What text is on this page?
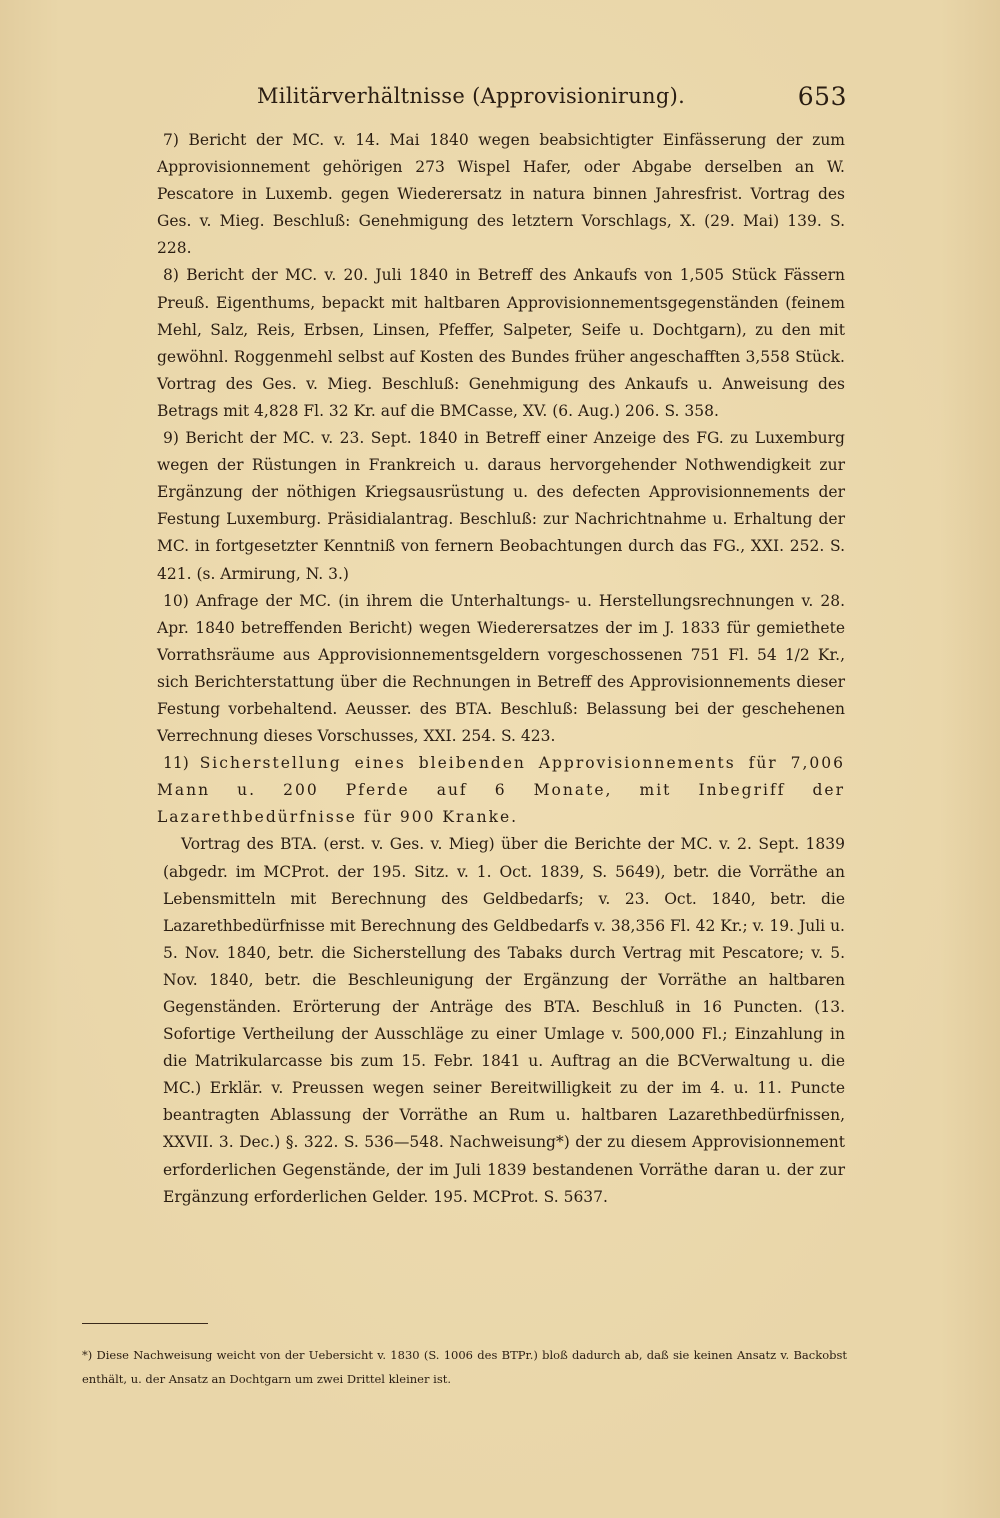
Militärverhältnisse (Approvisionirung).	653

7) Bericht der MC. v. 14. Mai 1840 wegen beabsichtigter Einfässerung der zum Approvisionnement gehörigen 273 Wispel Hafer, oder Abgabe derselben an W. Pescatore in Luxemb. gegen Wiederersatz in natura binnen Jahresfrist. Vortrag des Ges. v. Mieg. Beschluß: Genehmigung des letztern Vorschlags, X. (29. Mai) 139. S. 228.

8) Bericht der MC. v. 20. Juli 1840 in Betreff des Ankaufs von 1,505 Stück Fässern Preuß. Eigenthums, bepackt mit haltbaren Approvisionnementsgegenständen (feinem Mehl, Salz, Reis, Erbsen, Linsen, Pfeffer, Salpeter, Seife u. Dochtgarn), zu den mit gewöhnl. Roggenmehl selbst auf Kosten des Bundes früher angeschafften 3,558 Stück. Vortrag des Ges. v. Mieg. Beschluß: Genehmigung des Ankaufs u. Anweisung des Betrags mit 4,828 Fl. 32 Kr. auf die BMCasse, XV. (6. Aug.) 206. S. 358.

9) Bericht der MC. v. 23. Sept. 1840 in Betreff einer Anzeige des FG. zu Luxemburg wegen der Rüstungen in Frankreich u. daraus hervorgehender Nothwendigkeit zur Ergänzung der nöthigen Kriegsausrüstung u. des defecten Approvisionnements der Festung Luxemburg. Präsidialantrag. Beschluß: zur Nachrichtnahme u. Erhaltung der MC. in fortgesetzter Kenntniß von fernern Beobachtungen durch das FG., XXI. 252. S. 421. (s. Armirung, N. 3.)

10) Anfrage der MC. (in ihrem die Unterhaltungs- u. Herstellungsrechnungen v. 28. Apr. 1840 betreffenden Bericht) wegen Wiederersatzes der im J. 1833 für gemiethete Vorrathsräume aus Approvisionnementsgeldern vorgeschossenen 751 Fl. 54 1/2 Kr., sich Berichterstattung über die Rechnungen in Betreff des Approvisionnements dieser Festung vorbehaltend. Aeusser. des BTA. Beschluß: Belassung bei der geschehenen Verrechnung dieses Vorschusses, XXI. 254. S. 423.

11) Sicherstellung eines bleibenden Approvisionnements für 7,006 Mann u. 200 Pferde auf 6 Monate, mit Inbegriff der Lazarethbedürfnisse für 900 Kranke.

Vortrag des BTA. (erst. v. Ges. v. Mieg) über die Berichte der MC. v. 2. Sept. 1839 (abgedr. im MCProt. der 195. Sitz. v. 1. Oct. 1839, S. 5649), betr. die Vorräthe an Lebensmitteln mit Berechnung des Geldbedarfs; v. 23. Oct. 1840, betr. die Lazarethbedürfnisse mit Berechnung des Geldbedarfs v. 38,356 Fl. 42 Kr.; v. 19. Juli u. 5. Nov. 1840, betr. die Sicherstellung des Tabaks durch Vertrag mit Pescatore; v. 5. Nov. 1840, betr. die Beschleunigung der Ergänzung der Vorräthe an haltbaren Gegenständen. Erörterung der Anträge des BTA. Beschluß in 16 Puncten. (13. Sofortige Vertheilung der Ausschläge zu einer Umlage v. 500,000 Fl.; Einzahlung in die Matrikularcasse bis zum 15. Febr. 1841 u. Auftrag an die BCVerwaltung u. die MC.) Erklär. v. Preussen wegen seiner Bereitwilligkeit zu der im 4. u. 11. Puncte beantragten Ablassung der Vorräthe an Rum u. haltbaren Lazarethbedürfnissen, XXVII. 3. Dec.) §. 322. S. 536—548. Nachweisung*) der zu diesem Approvisionnement erforderlichen Gegenstände, der im Juli 1839 bestandenen Vorräthe daran u. der zur Ergänzung erforderlichen Gelder. 195. MCProt. S. 5637.

*) Diese Nachweisung weicht von der Uebersicht v. 1830 (S. 1006 des BTPr.) bloß dadurch ab, daß sie keinen Ansatz v. Backobst enthält, u. der Ansatz an Dochtgarn um zwei Drittel kleiner ist.
